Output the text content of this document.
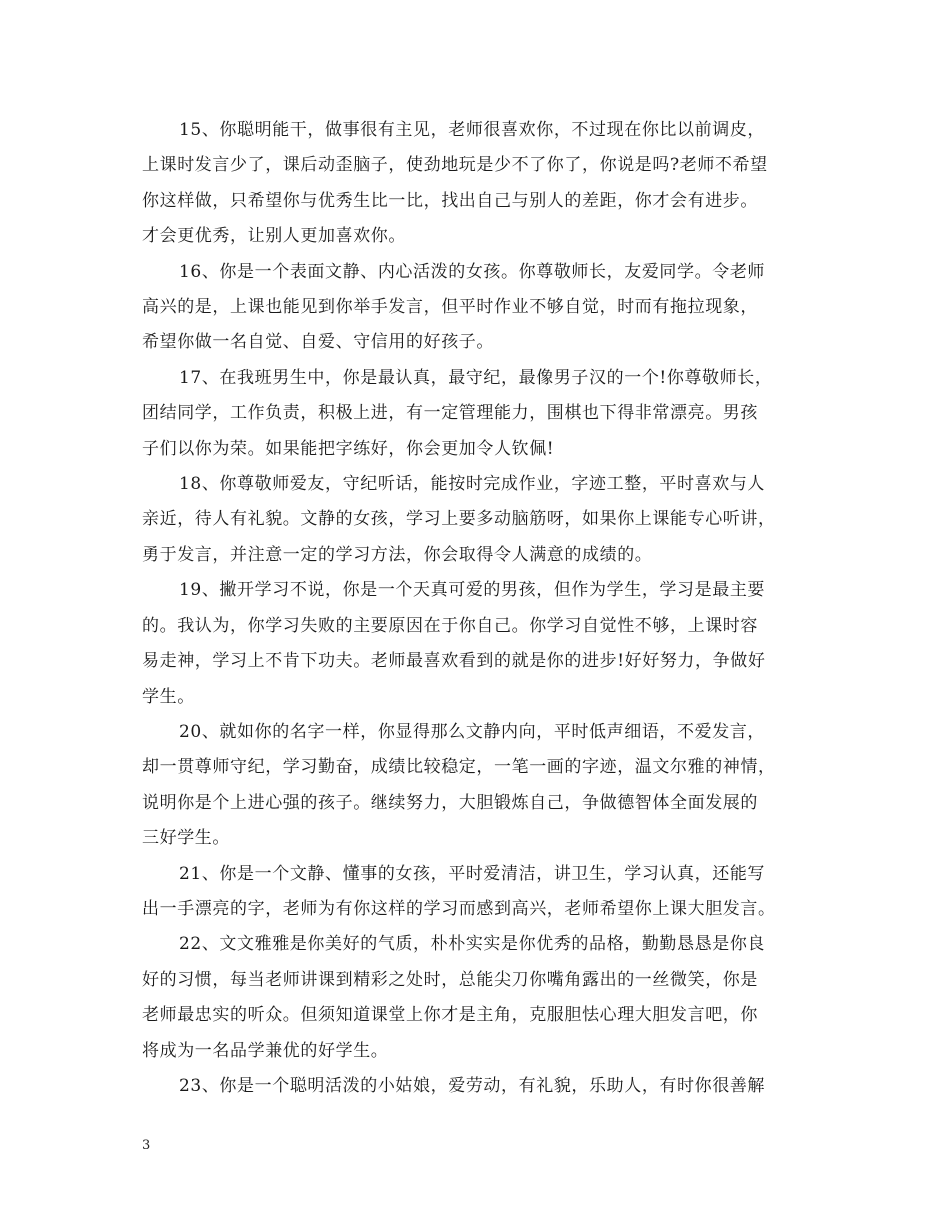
15、你聪明能干，做事很有主见，老师很喜欢你，不过现在你比以前调皮，
上课时发言少了，课后动歪脑子，使劲地玩是少不了你了，你说是吗?老师不希望
你这样做，只希望你与优秀生比一比，找出自己与别人的差距，你才会有进步。
才会更优秀，让别人更加喜欢你。

16、你是一个表面文静、内心活泼的女孩。你尊敬师长，友爱同学。令老师
高兴的是，上课也能见到你举手发言，但平时作业不够自觉，时而有拖拉现象，
希望你做一名自觉、自爱、守信用的好孩子。

17、在我班男生中，你是最认真，最守纪，最像男子汉的一个!你尊敬师长，
团结同学，工作负责，积极上进，有一定管理能力，围棋也下得非常漂亮。男孩
子们以你为荣。如果能把字练好，你会更加令人钦佩!

18、你尊敬师爱友，守纪听话，能按时完成作业，字迹工整，平时喜欢与人
亲近，待人有礼貌。文静的女孩，学习上要多动脑筋呀，如果你上课能专心听讲，
勇于发言，并注意一定的学习方法，你会取得令人满意的成绩的。

19、撇开学习不说，你是一个天真可爱的男孩，但作为学生，学习是最主要
的。我认为，你学习失败的主要原因在于你自己。你学习自觉性不够，上课时容
易走神，学习上不肯下功夫。老师最喜欢看到的就是你的进步!好好努力，争做好
学生。

20、就如你的名字一样，你显得那么文静内向，平时低声细语，不爱发言，
却一贯尊师守纪，学习勤奋，成绩比较稳定，一笔一画的字迹，温文尔雅的神情，
说明你是个上进心强的孩子。继续努力，大胆锻炼自己，争做德智体全面发展的
三好学生。

21、你是一个文静、懂事的女孩，平时爱清洁，讲卫生，学习认真，还能写
出一手漂亮的字，老师为有你这样的学习而感到高兴，老师希望你上课大胆发言。

22、文文雅雅是你美好的气质，朴朴实实是你优秀的品格，勤勤恳恳是你良
好的习惯，每当老师讲课到精彩之处时，总能尖刀你嘴角露出的一丝微笑，你是
老师最忠实的听众。但须知道课堂上你才是主角，克服胆怯心理大胆发言吧，你
将成为一名品学兼优的好学生。

23、你是一个聪明活泼的小姑娘，爱劳动，有礼貌，乐助人，有时你很善解

3
